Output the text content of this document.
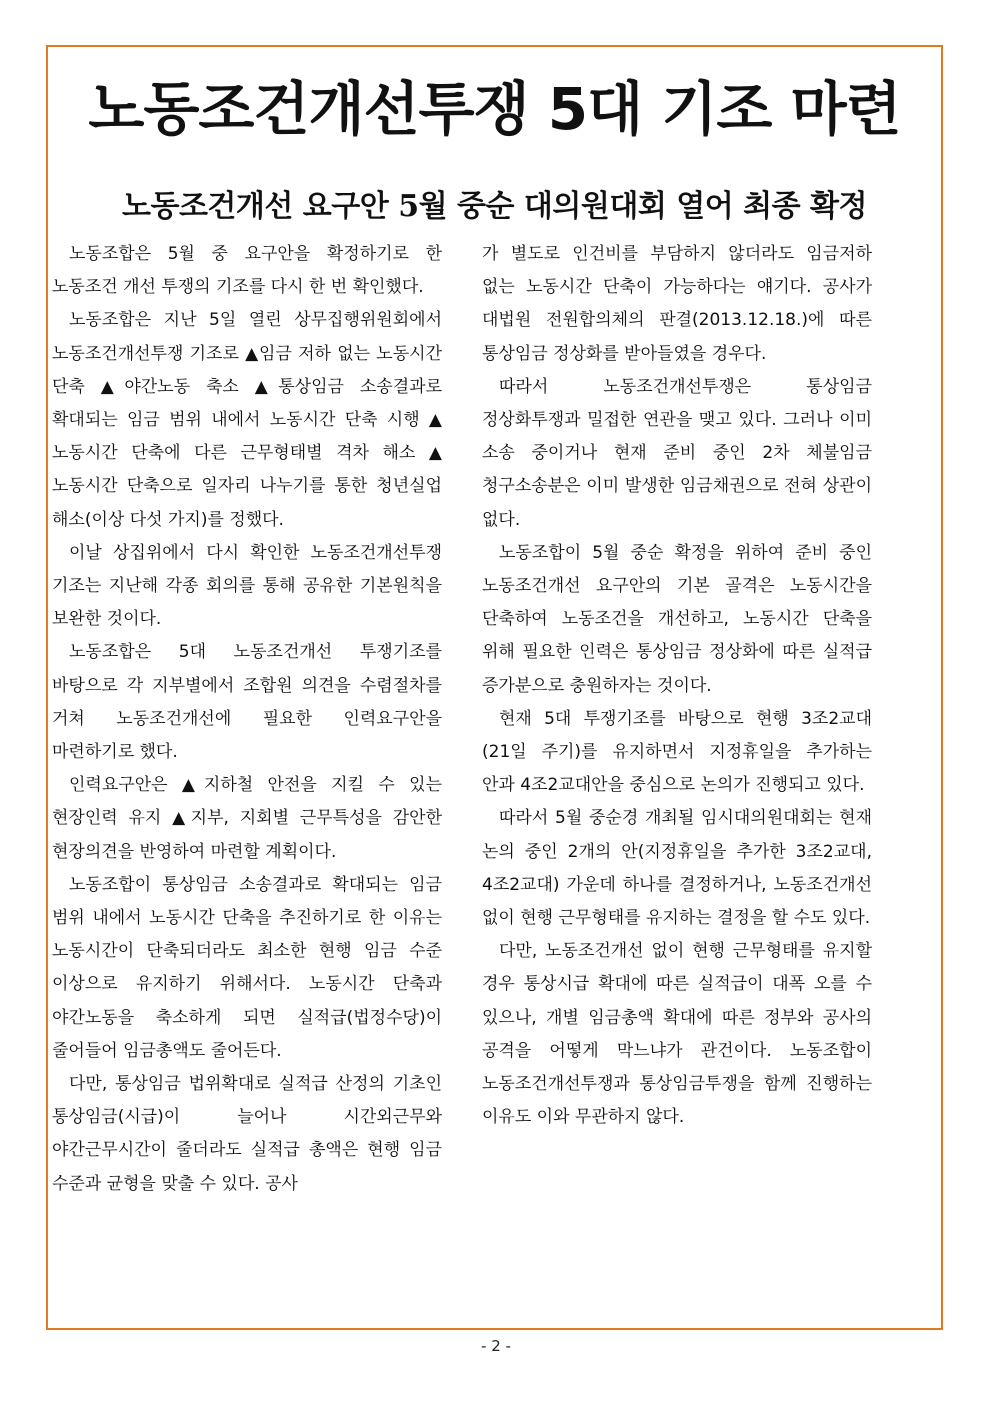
노동조건개선투쟁 5대 기조 마련
노동조건개선 요구안 5월 중순 대의원대회 열어 최종 확정

노동조합은 5월 중 요구안을 확정하기로 한 노동조건 개선 투쟁의 기조를 다시 한 번 확인했다.

노동조합은 지난 5일 열린 상무집행위원회에서 노동조건개선투쟁 기조로 ▲임금 저하 없는 노동시간 단축 ▲야간노동 축소 ▲통상임금 소송결과로 확대되는 임금 범위 내에서 노동시간 단축 시행 ▲노동시간 단축에 다른 근무형태별 격차 해소 ▲노동시간 단축으로 일자리 나누기를 통한 청년실업 해소(이상 다섯 가지)를 정했다.

이날 상집위에서 다시 확인한 노동조건개선투쟁 기조는 지난해 각종 회의를 통해 공유한 기본원칙을 보완한 것이다.

노동조합은 5대 노동조건개선 투쟁기조를 바탕으로 각 지부별에서 조합원 의견을 수렴절차를 거쳐 노동조건개선에 필요한 인력요구안을 마련하기로 했다.

인력요구안은 ▲지하철 안전을 지킬 수 있는 현장인력 유지 ▲지부, 지회별 근무특성을 감안한 현장의견을 반영하여 마련할 계획이다.

노동조합이 통상임금 소송결과로 확대되는 임금 범위 내에서 노동시간 단축을 추진하기로 한 이유는 노동시간이 단축되더라도 최소한 현행 임금 수준 이상으로 유지하기 위해서다. 노동시간 단축과 야간노동을 축소하게 되면 실적급(법정수당)이 줄어들어 임금총액도 줄어든다.

다만, 통상임금 법위확대로 실적급 산정의 기초인 통상임금(시급)이 늘어나 시간외근무와 야간근무시간이 줄더라도 실적급 총액은 현행 임금 수준과 균형을 맞출 수 있다. 공사

가 별도로 인건비를 부담하지 않더라도 임금저하 없는 노동시간 단축이 가능하다는 얘기다. 공사가 대법원 전원합의체의 판결(2013.12.18.)에 따른 통상임금 정상화를 받아들였을 경우다.

따라서 노동조건개선투쟁은 통상임금 정상화투쟁과 밀접한 연관을 맺고 있다. 그러나 이미 소송 중이거나 현재 준비 중인 2차 체불임금 청구소송분은 이미 발생한 임금채권으로 전혀 상관이 없다.

노동조합이 5월 중순 확정을 위하여 준비 중인 노동조건개선 요구안의 기본 골격은 노동시간을 단축하여 노동조건을 개선하고, 노동시간 단축을 위해 필요한 인력은 통상임금 정상화에 따른 실적급 증가분으로 충원하자는 것이다.

현재 5대 투쟁기조를 바탕으로 현행 3조2교대(21일 주기)를 유지하면서 지정휴일을 추가하는 안과 4조2교대안을 중심으로 논의가 진행되고 있다.

따라서 5월 중순경 개최될 임시대의원대회는 현재 논의 중인 2개의 안(지정휴일을 추가한 3조2교대, 4조2교대) 가운데 하나를 결정하거나, 노동조건개선 없이 현행 근무형태를 유지하는 결정을 할 수도 있다.

다만, 노동조건개선 없이 현행 근무형태를 유지할 경우 통상시급 확대에 따른 실적급이 대폭 오를 수 있으나, 개별 임금총액 확대에 따른 정부와 공사의 공격을 어떻게 막느냐가 관건이다. 노동조합이 노동조건개선투쟁과 통상임금투쟁을 함께 진행하는 이유도 이와 무관하지 않다.

- 2 -
